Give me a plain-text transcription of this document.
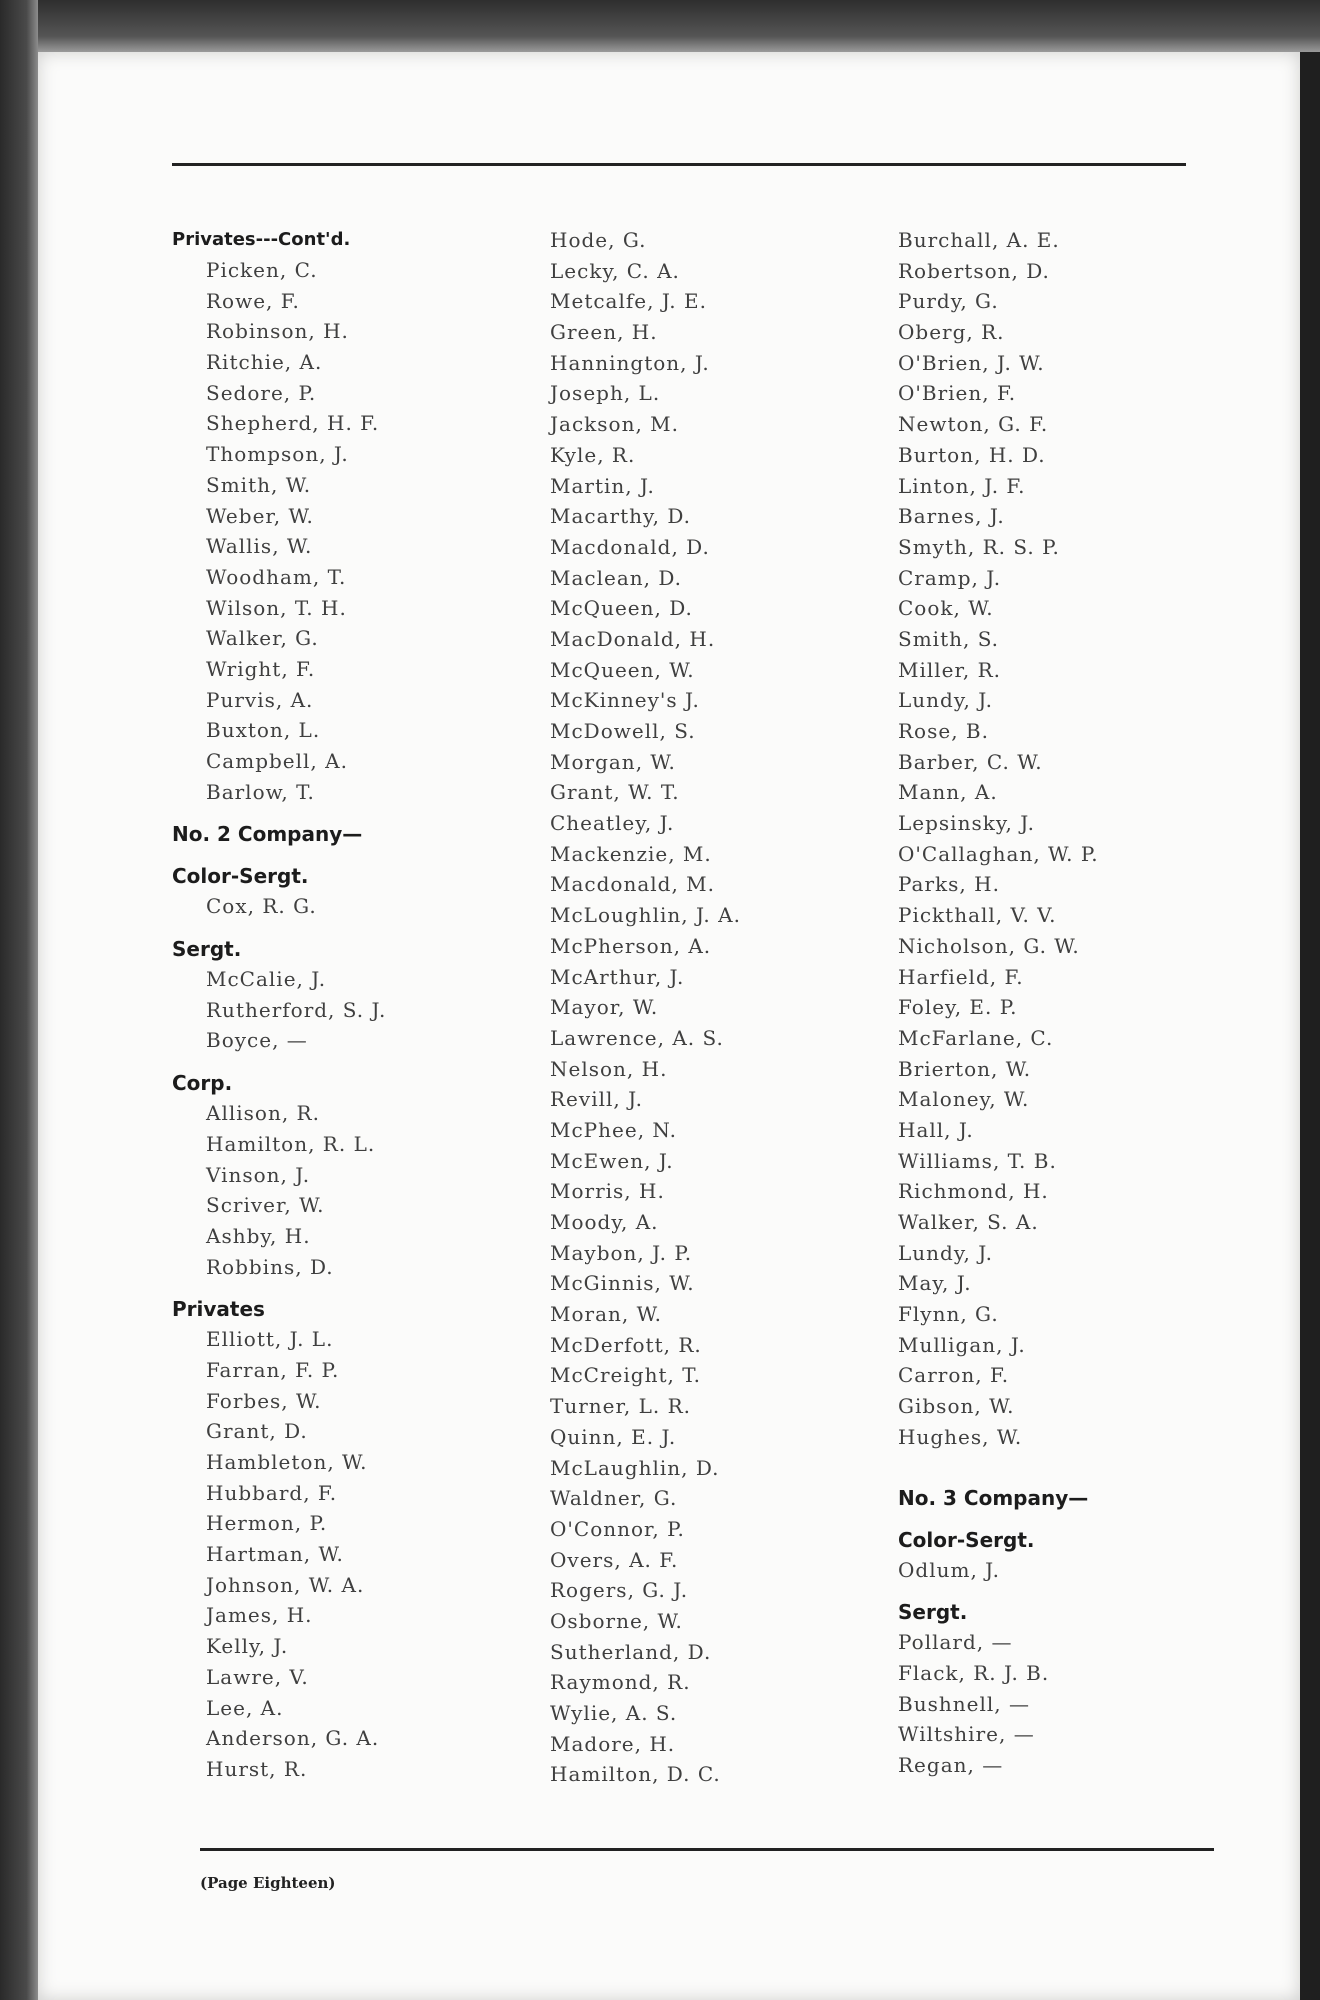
Privates---Cont'd.
Picken, C.
Rowe, F.
Robinson, H.
Ritchie, A.
Sedore, P.
Shepherd, H. F.
Thompson, J.
Smith, W.
Weber, W.
Wallis, W.
Woodham, T.
Wilson, T. H.
Walker, G.
Wright, F.
Purvis, A.
Buxton, L.
Campbell, A.
Barlow, T.
No. 2 Company—
Color-Sergt.
Cox, R. G.
Sergt.
McCalie, J.
Rutherford, S. J.
Boyce, —
Corp.
Allison, R.
Hamilton, R. L.
Vinson, J.
Scriver, W.
Ashby, H.
Robbins, D.
Privates
Elliott, J. L.
Farran, F. P.
Forbes, W.
Grant, D.
Hambleton, W.
Hubbard, F.
Hermon, P.
Hartman, W.
Johnson, W. A.
James, H.
Kelly, J.
Lawre, V.
Lee, A.
Anderson, G. A.
Hurst, R.
Hode, G.
Lecky, C. A.
Metcalfe, J. E.
Green, H.
Hannington, J.
Joseph, L.
Jackson, M.
Kyle, R.
Martin, J.
Macarthy, D.
Macdonald, D.
Maclean, D.
McQueen, D.
MacDonald, H.
McQueen, W.
McKinney's J.
McDowell, S.
Morgan, W.
Grant, W. T.
Cheatley, J.
Mackenzie, M.
Macdonald, M.
McLoughlin, J. A.
McPherson, A.
McArthur, J.
Mayor, W.
Lawrence, A. S.
Nelson, H.
Revill, J.
McPhee, N.
McEwen, J.
Morris, H.
Moody, A.
Maybon, J. P.
McGinnis, W.
Moran, W.
McDerfott, R.
McCreight, T.
Turner, L. R.
Quinn, E. J.
McLaughlin, D.
Waldner, G.
O'Connor, P.
Overs, A. F.
Rogers, G. J.
Osborne, W.
Sutherland, D.
Raymond, R.
Wylie, A. S.
Madore, H.
Hamilton, D. C.
Burchall, A. E.
Robertson, D.
Purdy, G.
Oberg, R.
O'Brien, J. W.
O'Brien, F.
Newton, G. F.
Burton, H. D.
Linton, J. F.
Barnes, J.
Smyth, R. S. P.
Cramp, J.
Cook, W.
Smith, S.
Miller, R.
Lundy, J.
Rose, B.
Barber, C. W.
Mann, A.
Lepsinsky, J.
O'Callaghan, W. P.
Parks, H.
Pickthall, V. V.
Nicholson, G. W.
Harfield, F.
Foley, E. P.
McFarlane, C.
Brierton, W.
Maloney, W.
Hall, J.
Williams, T. B.
Richmond, H.
Walker, S. A.
Lundy, J.
May, J.
Flynn, G.
Mulligan, J.
Carron, F.
Gibson, W.
Hughes, W.
No. 3 Company—
Color-Sergt.
Odlum, J.
Sergt.
Pollard, —
Flack, R. J. B.
Bushnell, —
Wiltshire, —
Regan, —
(Page Eighteen)
